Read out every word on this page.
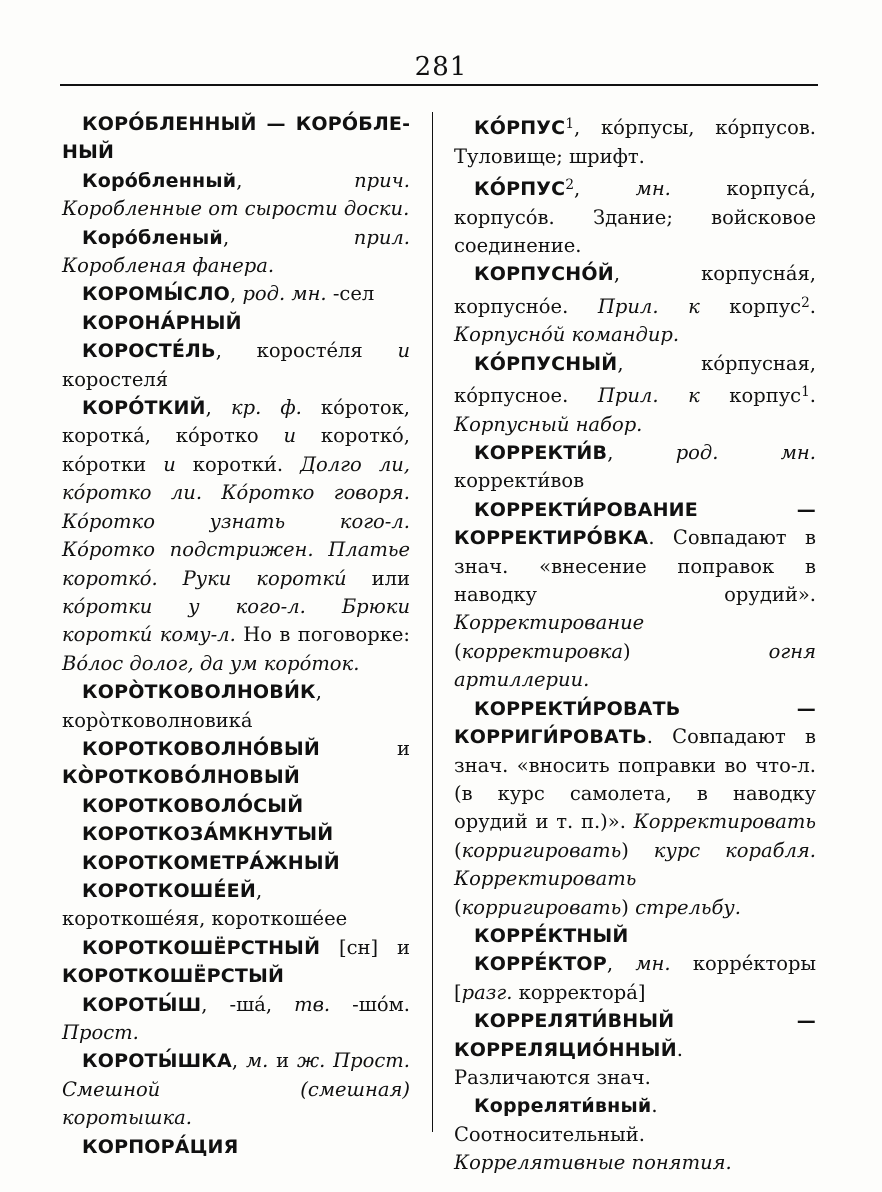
281

КОРО́БЛЕННЫЙ — КОРО́БЛЕНЫЙ

Коро́бленный, прич. Коробленные от сырости доски.

Коро́бленый, прил. Коробленая фанера.

КОРОМЫ́СЛО, род. мн. -сел

КОРОНА́РНЫЙ

КОРОСТЕ́ЛЬ, коросте́ля и коростеля́

КОРО́ТКИЙ, кр. ф. ко́роток, коротка́, ко́ротко и коротко́, ко́ротки и коротки́. Долго ли, ко́ротко ли. Ко́ротко говоря. Ко́ротко узнать кого-л. Ко́ротко подстрижен. Платье коротко́. Руки коротки́ или ко́ротки у кого-л. Брюки коротки́ кому-л. Но в поговорке: Во́лос долог, да ум коро́ток.

КОРО̀ТКОВОЛНОВИ́К, коро̀тковолновика́

КОРОТКОВОЛНО́ВЫЙ и КО̀РОТКОВО́ЛНОВЫЙ

КОРОТКОВОЛО́СЫЙ

КОРОТКОЗА́МКНУТЫЙ

КОРОТКОМЕТРА́ЖНЫЙ

КОРОТКОШЕ́ЕЙ, короткоше́яя, короткоше́ее

КОРОТКОШЁРСТНЫЙ [сн] и КОРОТКОШЁРСТЫЙ

КОРОТЫ́Ш, -ша́, тв. -шо́м. Прост.

КОРОТЫ́ШКА, м. и ж. Прост. Смешной (смешная) коротышка.

КОРПОРА́ЦИЯ

КО́РПУС$^1$, ко́рпусы, ко́рпусов. Туловище; шрифт.

КО́РПУС$^2$, мн. корпуса́, корпусо́в. Здание; войсковое соединение.

КОРПУСНО́Й, корпусна́я, корпусно́е. Прил. к корпус$^2$. Корпусно́й командир.

КО́РПУСНЫЙ, ко́рпусная, ко́рпусное. Прил. к корпус$^1$. Корпусный набор.

КОРРЕКТИ́В, род. мн. корректи́вов

КОРРЕКТИ́РОВАНИЕ — КОРРЕКТИРО́ВКА. Совпадают в знач. «внесение поправок в наводку орудий». Корректирование (корректировка) огня артиллерии.

КОРРЕКТИ́РОВАТЬ — КОРРИГИ́РОВАТЬ. Совпадают в знач. «вносить поправки во что-л. (в курс самолета, в наводку орудий и т. п.)». Корректировать (корригировать) курс корабля. Корректировать (корригировать) стрельбу.

КОРРЕ́КТНЫЙ

КОРРЕ́КТОР, мн. корре́кторы [разг. корректора́]

КОРРЕЛЯТИ́ВНЫЙ — КОРРЕЛЯЦИО́ННЫЙ. Различаются знач.

Корреляти́вный. Соотносительный. Коррелятивные понятия.
